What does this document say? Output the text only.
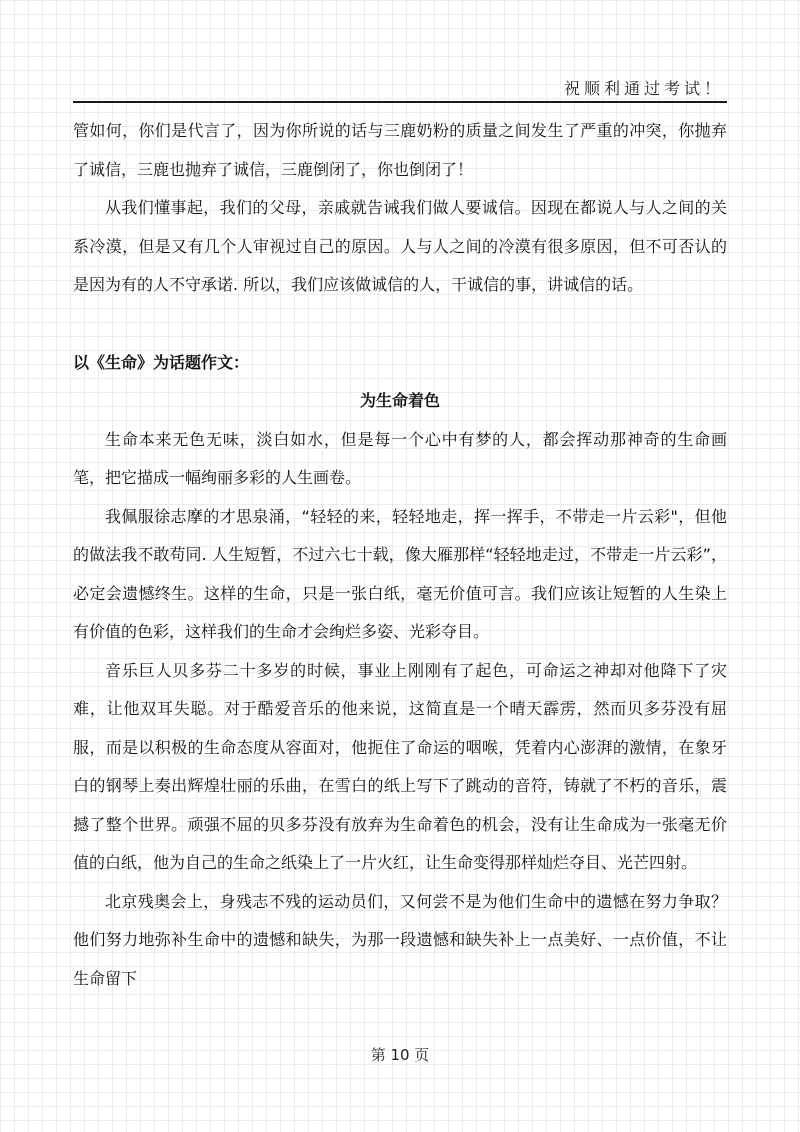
祝顺利通过考试！

管如何，你们是代言了，因为你所说的话与三鹿奶粉的质量之间发生了严重的冲突，你抛弃了诚信，三鹿也抛弃了诚信，三鹿倒闭了，你也倒闭了！

从我们懂事起，我们的父母，亲戚就告诫我们做人要诚信。因现在都说人与人之间的关系冷漠，但是又有几个人审视过自己的原因。人与人之间的冷漠有很多原因，但不可否认的是因为有的人不守承诺. 所以，我们应该做诚信的人，干诚信的事，讲诚信的话。

以《生命》为话题作文：

为生命着色

生命本来无色无味，淡白如水，但是每一个心中有梦的人，都会挥动那神奇的生命画笔，把它描成一幅绚丽多彩的人生画卷。

我佩服徐志摩的才思泉涌，“轻轻的来，轻轻地走，挥一挥手，不带走一片云彩"，但他的做法我不敢苟同. 人生短暂，不过六七十载，像大雁那样“轻轻地走过，不带走一片云彩”，必定会遗憾终生。这样的生命，只是一张白纸，毫无价值可言。我们应该让短暂的人生染上有价值的色彩，这样我们的生命才会绚烂多姿、光彩夺目。

音乐巨人贝多芬二十多岁的时候，事业上刚刚有了起色，可命运之神却对他降下了灾难，让他双耳失聪。对于酷爱音乐的他来说，这简直是一个晴天霹雳，然而贝多芬没有屈服，而是以积极的生命态度从容面对，他扼住了命运的咽喉，凭着内心澎湃的激情，在象牙白的钢琴上奏出辉煌壮丽的乐曲，在雪白的纸上写下了跳动的音符，铸就了不朽的音乐，震撼了整个世界。顽强不屈的贝多芬没有放弃为生命着色的机会，没有让生命成为一张毫无价值的白纸，他为自己的生命之纸染上了一片火红，让生命变得那样灿烂夺目、光芒四射。

北京残奥会上，身残志不残的运动员们，又何尝不是为他们生命中的遗憾在努力争取？他们努力地弥补生命中的遗憾和缺失，为那一段遗憾和缺失补上一点美好、一点价值，不让生命留下

第 10 页
